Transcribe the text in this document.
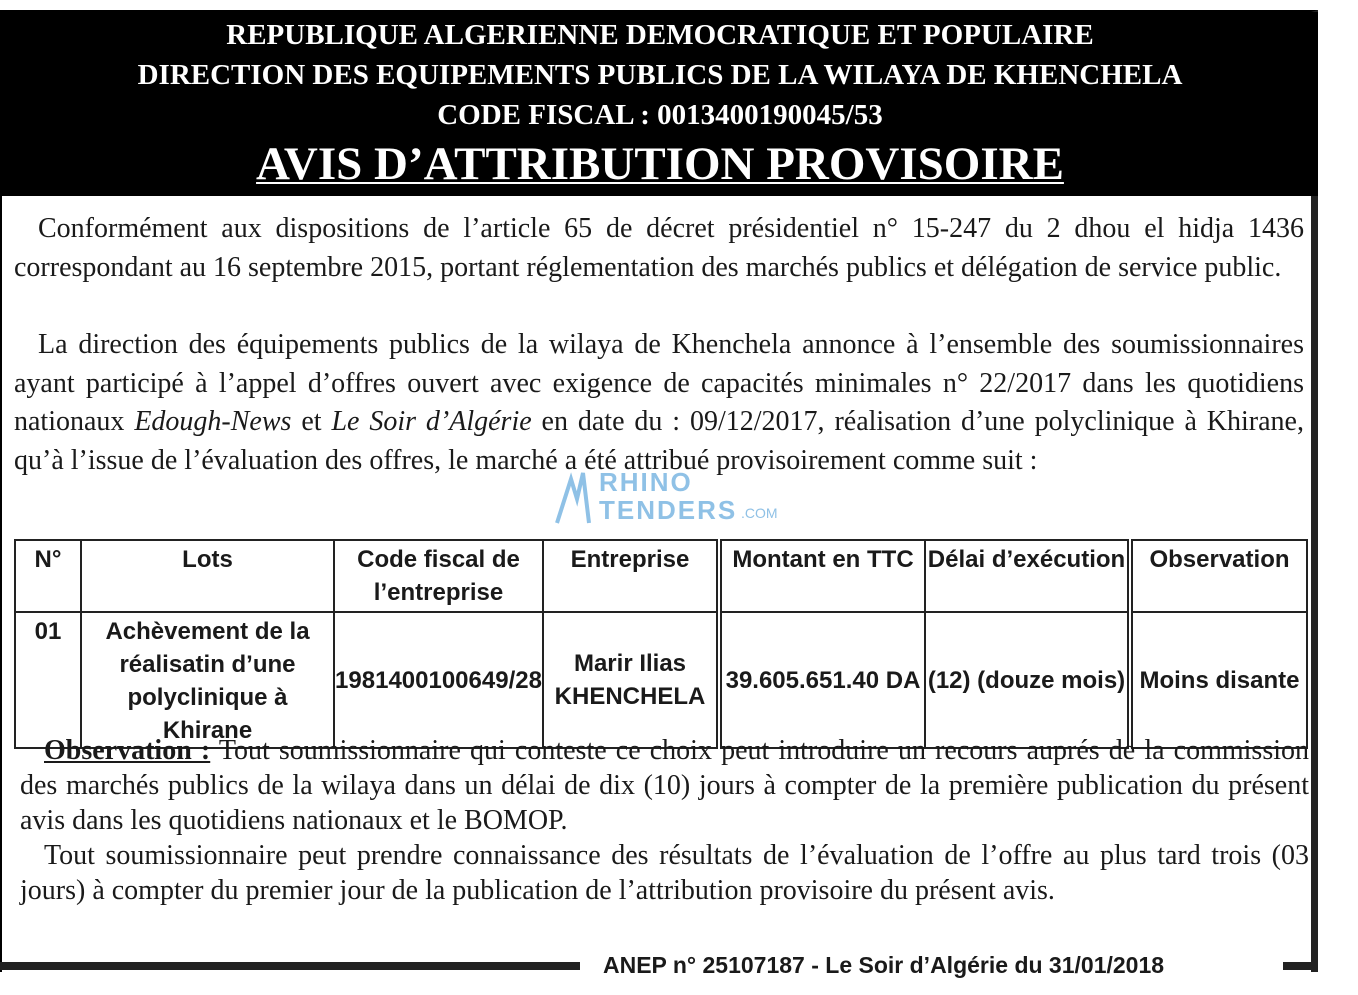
REPUBLIQUE ALGERIENNE DEMOCRATIQUE ET POPULAIRE
DIRECTION DES EQUIPEMENTS PUBLICS DE LA WILAYA DE KHENCHELA
CODE FISCAL : 0013400190045/53
AVIS D’ATTRIBUTION PROVISOIRE

Conformément aux dispositions de l’article 65 de décret présidentiel n° 15-247 du 2 dhou el hidja 1436 correspondant au 16 septembre 2015, portant réglementation des marchés publics et délégation de service public.

La direction des équipements publics de la wilaya de Khenchela annonce à l’ensemble des soumissionnaires ayant participé à l’appel d’offres ouvert avec exigence de capacités minimales n° 22/2017 dans les quotidiens nationaux Edough-News et Le Soir d’Algérie en date du : 09/12/2017, réalisation d’une polyclinique à Khirane, qu’à l’issue de l’évaluation des offres, le marché a été attribué provisoirement comme suit :

RHINO
TENDERS .COM
N°	Lots	Code fiscal de l’entreprise	Entreprise	Montant en TTC	Délai d’exécution	Observation
01	Achèvement de la réalisatin d’une polyclinique à Khirane	1981400100649/28	Marir Ilias KHENCHELA	39.605.651.40 DA	(12) (douze mois)	Moins disante

Observation : Tout soumissionnaire qui conteste ce choix peut introduire un recours auprés de la commission des marchés publics de la wilaya dans un délai de dix (10) jours à compter de la première publication du présent avis dans les quotidiens nationaux et le BOMOP.

Tout soumissionnaire peut prendre connaissance des résultats de l’évaluation de l’offre au plus tard trois (03 jours) à compter du premier jour de la publication de l’attribution provisoire du présent avis.

ANEP n° 25107187 - Le Soir d’Algérie du 31/01/2018
